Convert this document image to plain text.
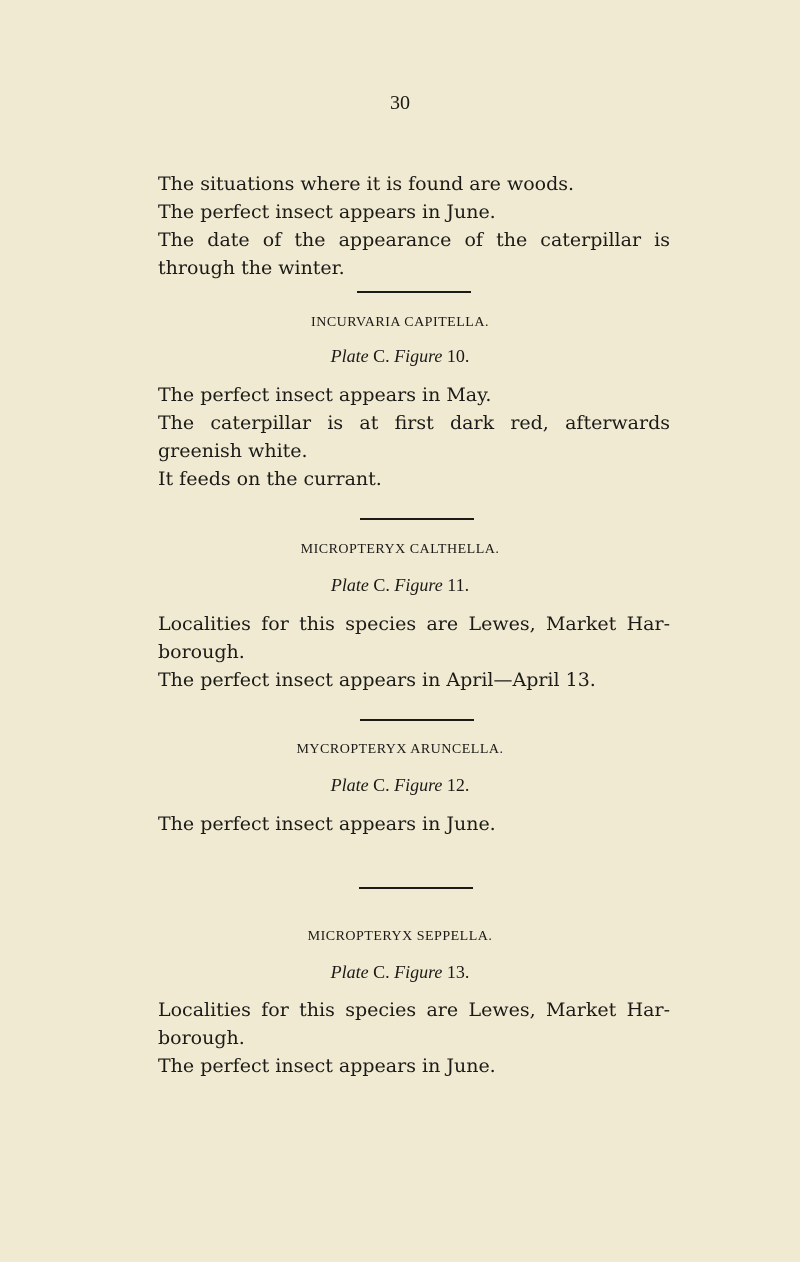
30

The situations where it is found are woods.

The perfect insect appears in June.

The date of the appearance of the caterpillar is through the winter.

INCURVARIA CAPITELLA.
Plate C. Figure 10.

The perfect insect appears in May.

The caterpillar is at first dark red, afterwards greenish white.

It feeds on the currant.

MICROPTERYX CALTHELLA.
Plate C. Figure 11.

Localities for this species are Lewes, Market Har- borough.

The perfect insect appears in April—April 13.

MYCROPTERYX ARUNCELLA.
Plate C. Figure 12.

The perfect insect appears in June.

MICROPTERYX SEPPELLA.
Plate C. Figure 13.

Localities for this species are Lewes, Market Har- borough.

The perfect insect appears in June.
